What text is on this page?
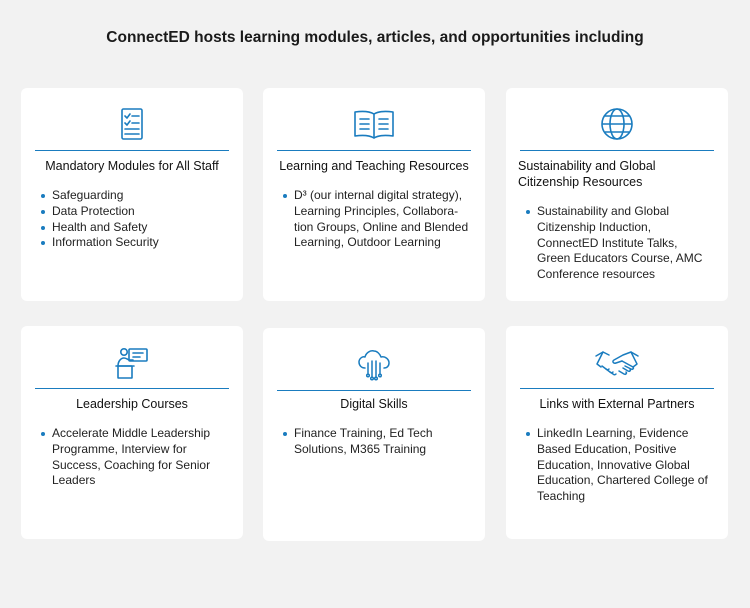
ConnectED hosts learning modules, articles, and opportunities including
Mandatory Modules for All Staff
Safeguarding
Data Protection
Health and Safety
Information Security
Learning and Teaching Resources
D³ (our internal digital strategy), Learning Principles, Collabora-tion Groups, Online and Blended Learning, Outdoor Learning
Sustainability and Global Citizenship Resources
Sustainability and Global Citizenship Induction, ConnectED Institute Talks, Green Educators Course, AMC Conference resources
Leadership Courses
Accelerate Middle Leadership Programme, Interview for Success, Coaching for Senior Leaders
Digital Skills
Finance Training, Ed Tech Solutions, M365 Training
Links with External Partners
LinkedIn Learning, Evidence Based Education, Positive Education, Innovative Global Education, Chartered College of Teaching
